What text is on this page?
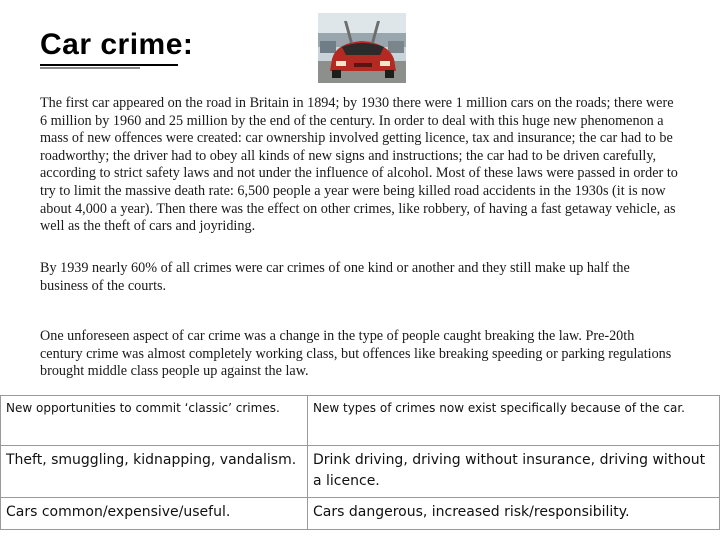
Car crime:
The first car appeared on the road in Britain in 1894; by 1930 there were 1 million cars on the roads; there were 6 million by 1960 and 25 million by the end of the century. In order to deal with this huge new phenomenon a mass of new offences were created: car ownership involved getting licence, tax and insurance; the car had to be roadworthy; the driver had to obey all kinds of new signs and instructions; the car had to be driven carefully, according to strict safety laws and not under the influence of alcohol. Most of these laws were passed in order to try to limit the massive death rate: 6,500 people a year were being killed road accidents in the 1930s (it is now about 4,000 a year). Then there was the effect on other crimes, like robbery, of having a fast getaway vehicle, as well as the theft of cars and joyriding.
By 1939 nearly 60% of all crimes were car crimes of one kind or another and they still make up half the business of the courts.
One unforeseen aspect of car crime was a change in the type of people caught breaking the law. Pre-20th century crime was almost completely working class, but offences like breaking speeding or parking regulations brought middle class people up against the law.
New opportunities to commit ‘classic’ crimes.	New types of crimes now exist specifically because of the car.
Theft, smuggling, kidnapping, vandalism.	Drink driving, driving without insurance, driving without a licence.
Cars common/expensive/useful.	Cars dangerous, increased risk/responsibility.
